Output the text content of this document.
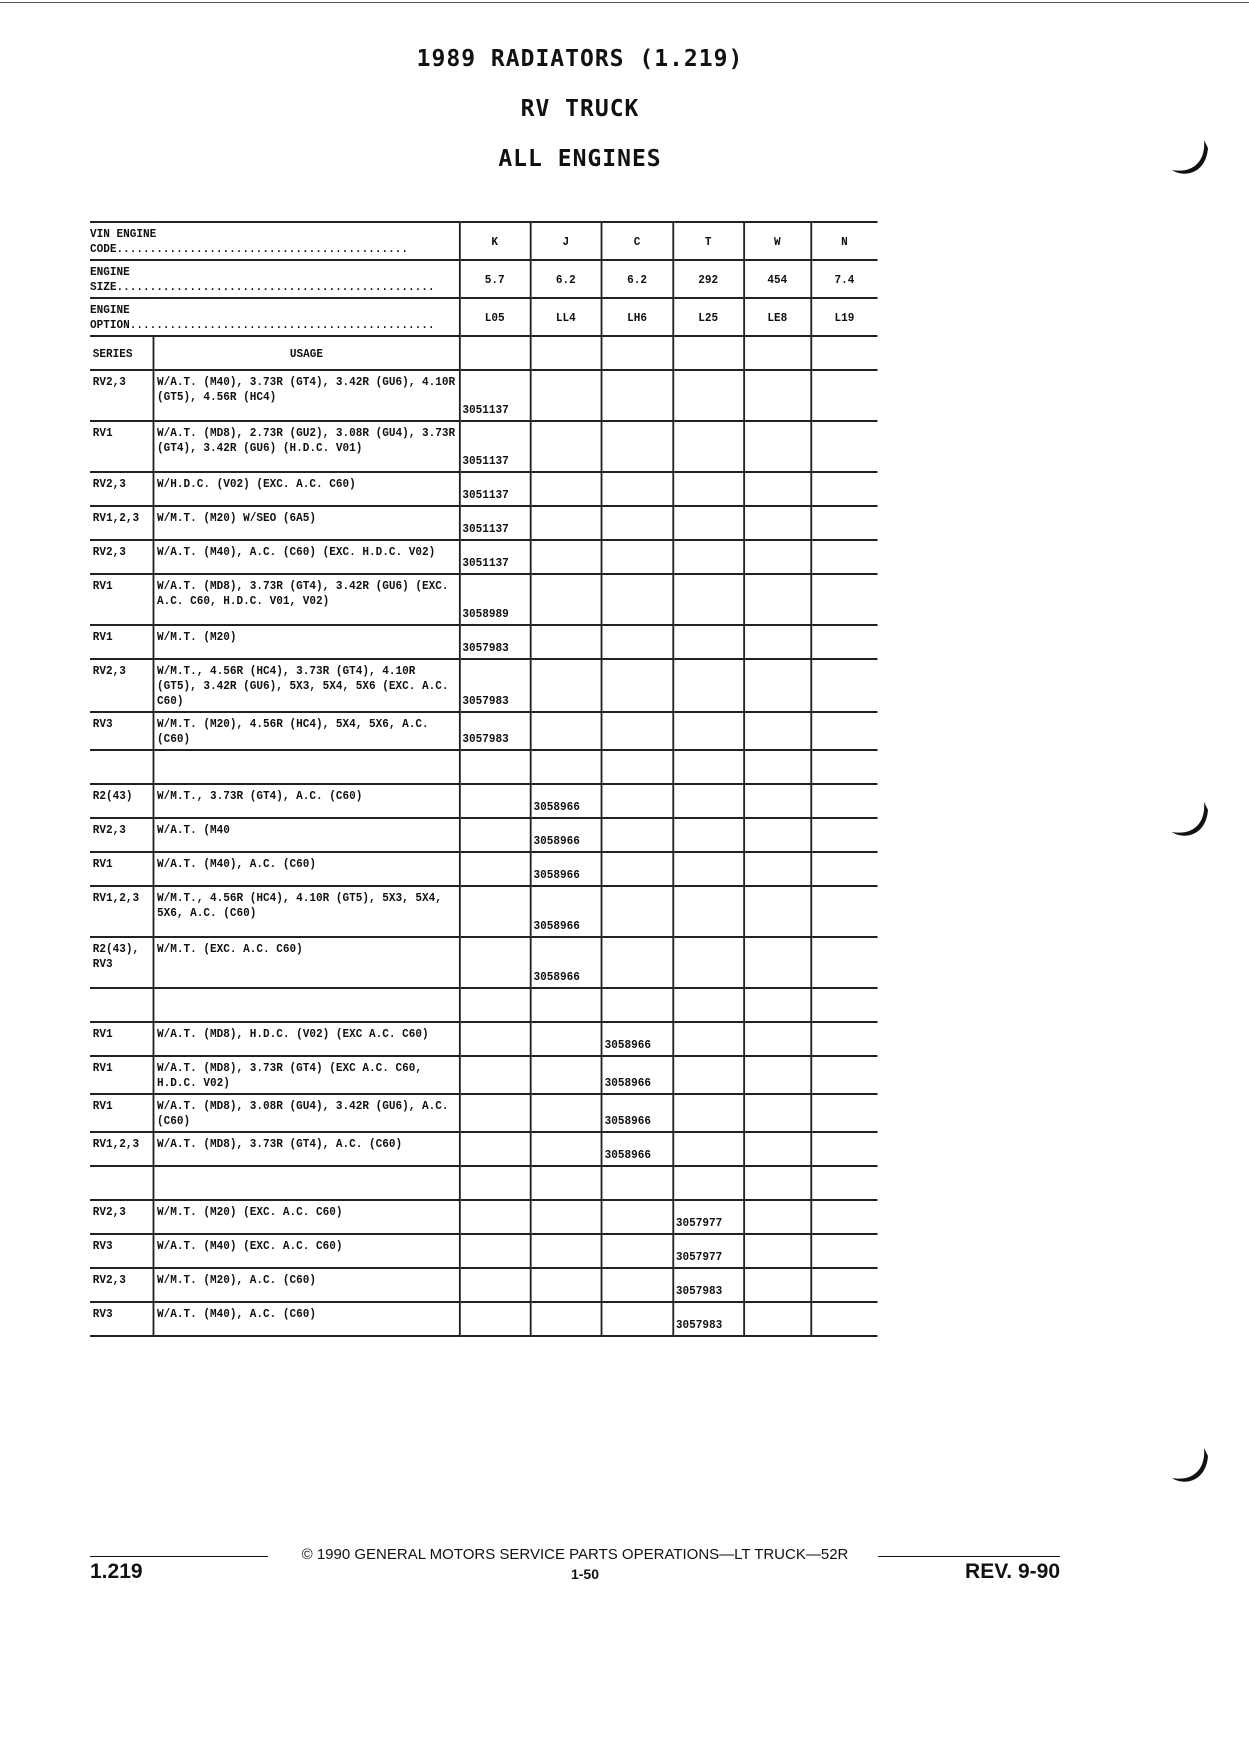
1989 RADIATORS (1.219)
RV TRUCK
ALL ENGINES
VIN ENGINE CODE............................................		K	J	C	T	W	N
ENGINE SIZE................................................		5.7	6.2	6.2	292	454	7.4
ENGINE OPTION..............................................		L05	LL4	LH6	L25	LE8	L19
SERIES	USAGE						
RV2,3	W/A.T. (M40), 3.73R (GT4), 3.42R (GU6), 4.10R (GT5), 4.56R (HC4)	3051137					
RV1	W/A.T. (MD8), 2.73R (GU2), 3.08R (GU4), 3.73R (GT4), 3.42R (GU6) (H.D.C. V01)	3051137					
RV2,3	W/H.D.C. (V02) (EXC. A.C. C60)	3051137					
RV1,2,3	W/M.T. (M20) W/SEO (6A5)	3051137					
RV2,3	W/A.T. (M40), A.C. (C60) (EXC. H.D.C. V02)	3051137					
RV1	W/A.T. (MD8), 3.73R (GT4), 3.42R (GU6) (EXC. A.C. C60, H.D.C. V01, V02)	3058989					
RV1	W/M.T. (M20)	3057983					
RV2,3	W/M.T., 4.56R (HC4), 3.73R (GT4), 4.10R (GT5), 3.42R (GU6), 5X3, 5X4, 5X6 (EXC. A.C. C60)	3057983					
RV3	W/M.T. (M20), 4.56R (HC4), 5X4, 5X6, A.C. (C60)	3057983					

R2(43)	W/M.T., 3.73R (GT4), A.C. (C60)		3058966				
RV2,3	W/A.T. (M40		3058966				
RV1	W/A.T. (M40), A.C. (C60)		3058966				
RV1,2,3	W/M.T., 4.56R (HC4), 4.10R (GT5), 5X3, 5X4, 5X6, A.C. (C60)		3058966				
R2(43), RV3	W/M.T. (EXC. A.C. C60)		3058966				

RV1	W/A.T. (MD8), H.D.C. (V02) (EXC A.C. C60)			3058966			
RV1	W/A.T. (MD8), 3.73R (GT4) (EXC A.C. C60, H.D.C. V02)			3058966			
RV1	W/A.T. (MD8), 3.08R (GU4), 3.42R (GU6), A.C. (C60)			3058966			
RV1,2,3	W/A.T. (MD8), 3.73R (GT4), A.C. (C60)			3058966			

RV2,3	W/M.T. (M20) (EXC. A.C. C60)				3057977		
RV3	W/A.T. (M40) (EXC. A.C. C60)				3057977		
RV2,3	W/M.T. (M20), A.C. (C60)				3057983		
RV3	W/A.T. (M40), A.C. (C60)				3057983		
© 1990 GENERAL MOTORS SERVICE PARTS OPERATIONS—LT TRUCK—52R
1.219	1-50	REV. 9-90
